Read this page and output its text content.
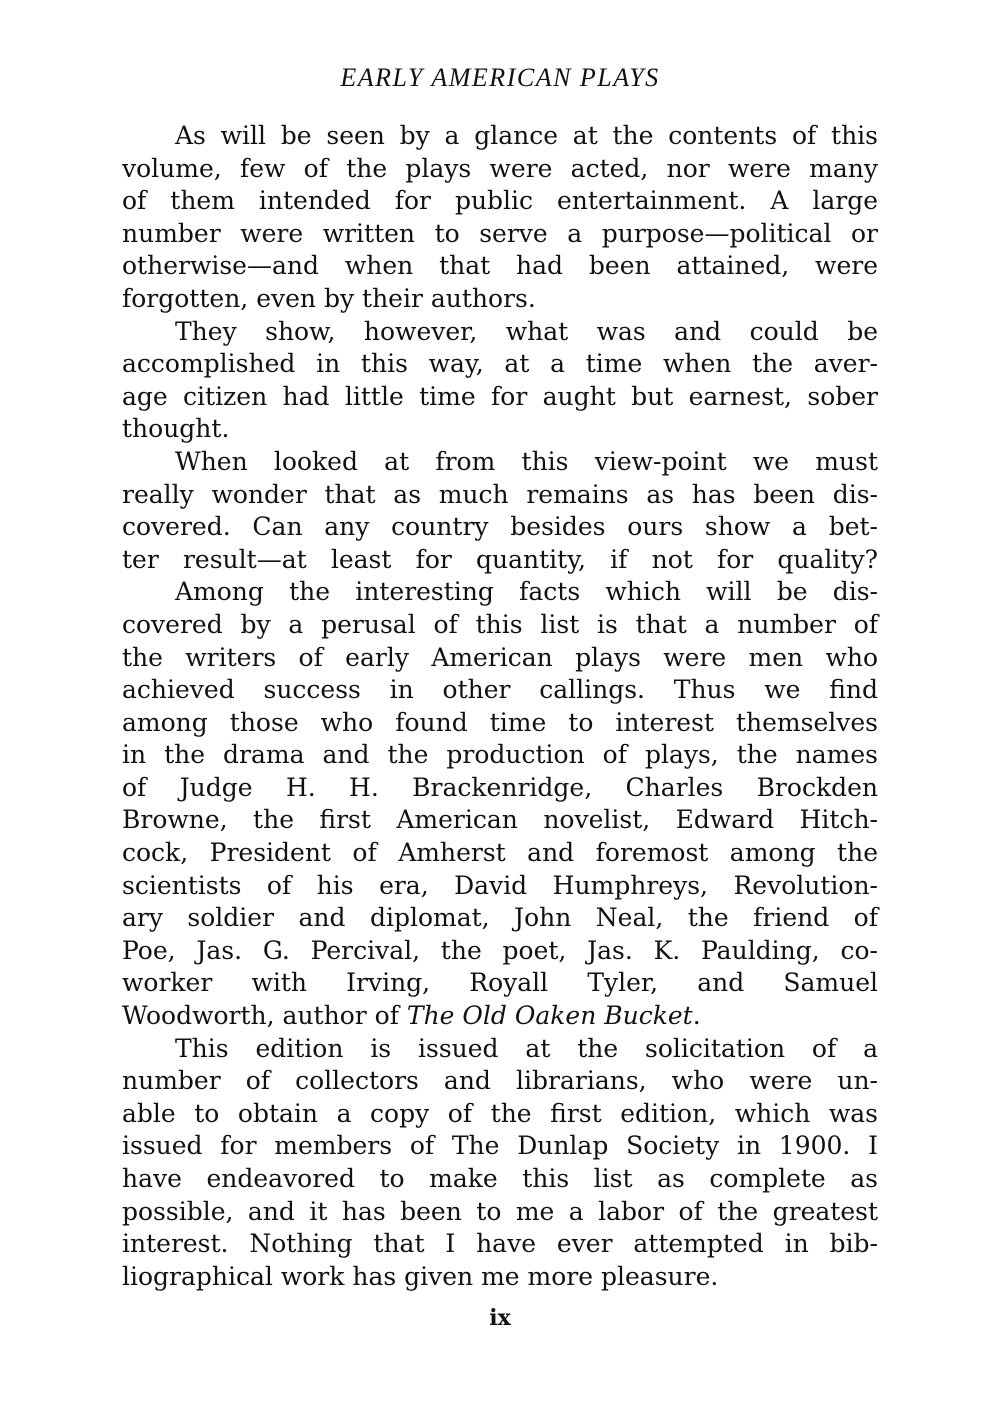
EARLY AMERICAN PLAYS
As will be seen by a glance at the contents of this
volume, few of the plays were acted, nor were many
of them intended for public entertainment. A large
number were written to serve a purpose—political or
otherwise—and when that had been attained, were
forgotten, even by their authors.
They show, however, what was and could be
accomplished in this way, at a time when the aver-
age citizen had little time for aught but earnest, sober
thought.
When looked at from this view-point we must
really wonder that as much remains as has been dis-
covered. Can any country besides ours show a bet-
ter result—at least for quantity, if not for quality?
Among the interesting facts which will be dis-
covered by a perusal of this list is that a number of
the writers of early American plays were men who
achieved success in other callings. Thus we find
among those who found time to interest themselves
in the drama and the production of plays, the names
of Judge H. H. Brackenridge, Charles Brockden
Browne, the first American novelist, Edward Hitch-
cock, President of Amherst and foremost among the
scientists of his era, David Humphreys, Revolution-
ary soldier and diplomat, John Neal, the friend of
Poe, Jas. G. Percival, the poet, Jas. K. Paulding, co-
worker with Irving, Royall Tyler, and Samuel
Woodworth, author of The Old Oaken Bucket.
This edition is issued at the solicitation of a
number of collectors and librarians, who were un-
able to obtain a copy of the first edition, which was
issued for members of The Dunlap Society in 1900. I
have endeavored to make this list as complete as
possible, and it has been to me a labor of the greatest
interest. Nothing that I have ever attempted in bib-
liographical work has given me more pleasure.
ix
